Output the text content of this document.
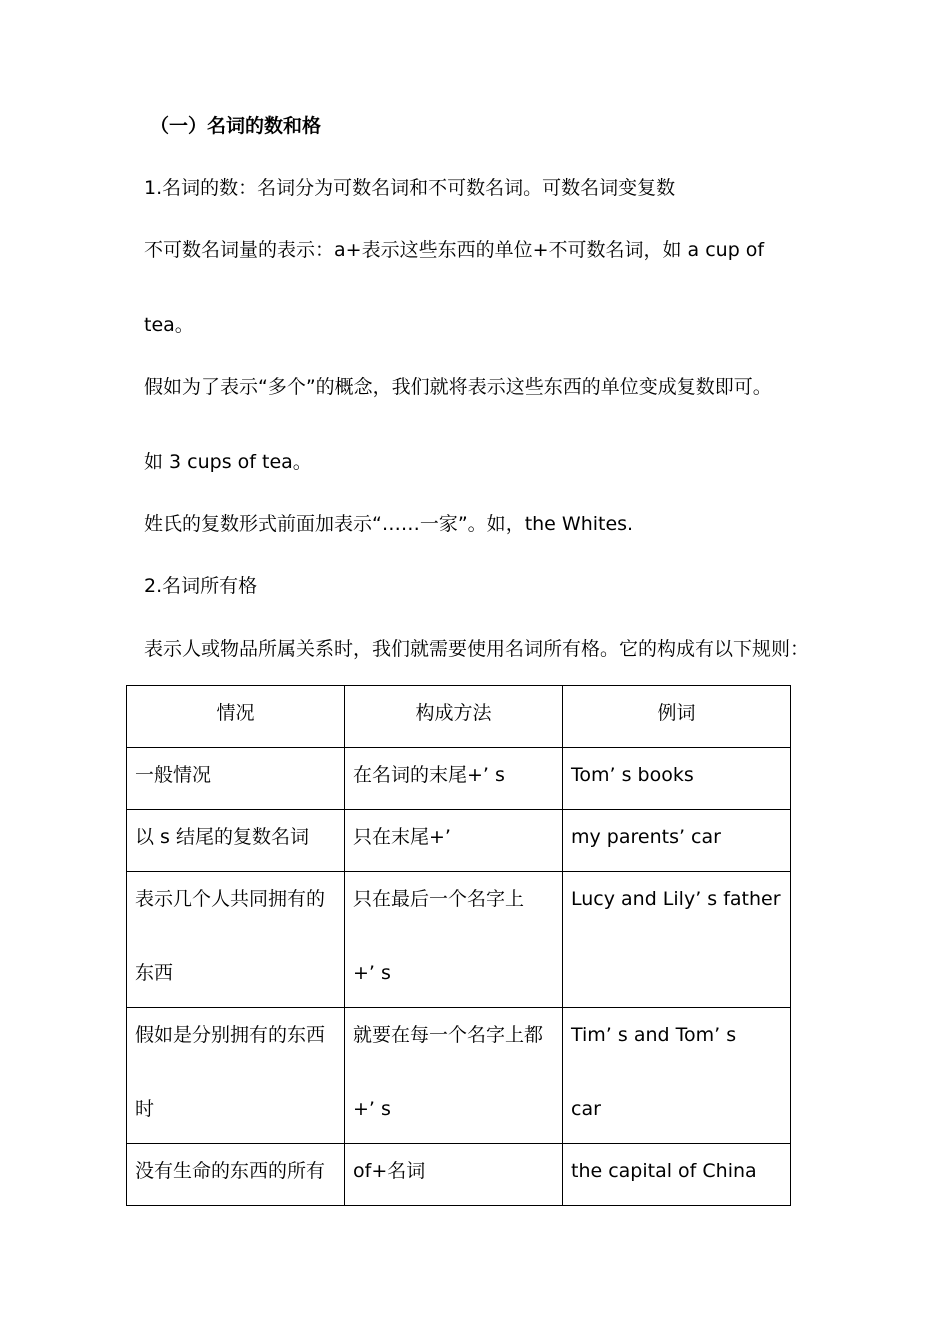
（一）名词的数和格
1.名词的数：名词分为可数名词和不可数名词。可数名词变复数
不可数名词量的表示：a+表示这些东西的单位+不可数名词，如 a cup of
tea。
假如为了表示“多个”的概念，我们就将表示这些东西的单位变成复数即可。
如 3 cups of tea。
姓氏的复数形式前面加表示“……一家”。如，the Whites.
2.名词所有格
表示人或物品所属关系时，我们就需要使用名词所有格。它的构成有以下规则：
情况	构成方法	例词

一般情况	在名词的末尾+’ s	Tom’ s books

以 s 结尾的复数名词	只在末尾+’	my parents’ car

表示几个人共同拥有的
东西	只在最后一个名字上
+’ s	Lucy and Lily’ s father

假如是分别拥有的东西
时	就要在每一个名字上都
+’ s	Tim’ s and Tom’ s
car

没有生命的东西的所有	of+名词	the capital of China
